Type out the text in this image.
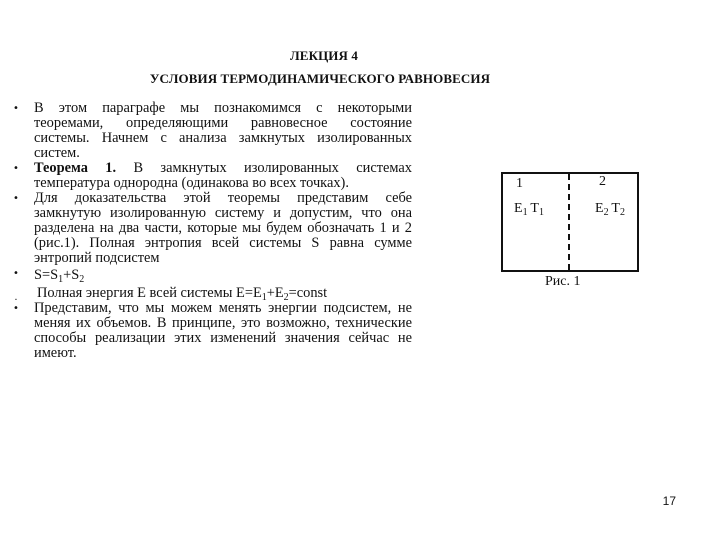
ЛЕКЦИЯ 4
УСЛОВИЯ ТЕРМОДИНАМИЧЕСКОГО РАВНОВЕСИЯ
• В этом параграфе мы познакомимся с некоторыми теоремами, определяющими равновесное состояние системы. Начнем с анализа замкнутых изолированных систем.
• Теорема 1. В замкнутых изолированных системах температура однородна (одинакова во всех точках).
• Для доказательства этой теоремы представим себе замкнутую изолированную систему и допустим, что она разделена на два части, которые мы будем обозначать 1 и 2 (рис.1). Полная энтропия всей системы S равна сумме энтропий подсистем
• $S=S_1+S_2$
.	Полная энергия E всей системы $E=E_1+E_2=const$
• Представим, что мы можем менять энергии подсистем, не меняя их объемов. В принципе, это возможно, технические способы реализации этих изменений значения сейчас не имеют.
1	2
$E_1$  $T_1$	$E_2$  $T_2$
Рис. 1
17
